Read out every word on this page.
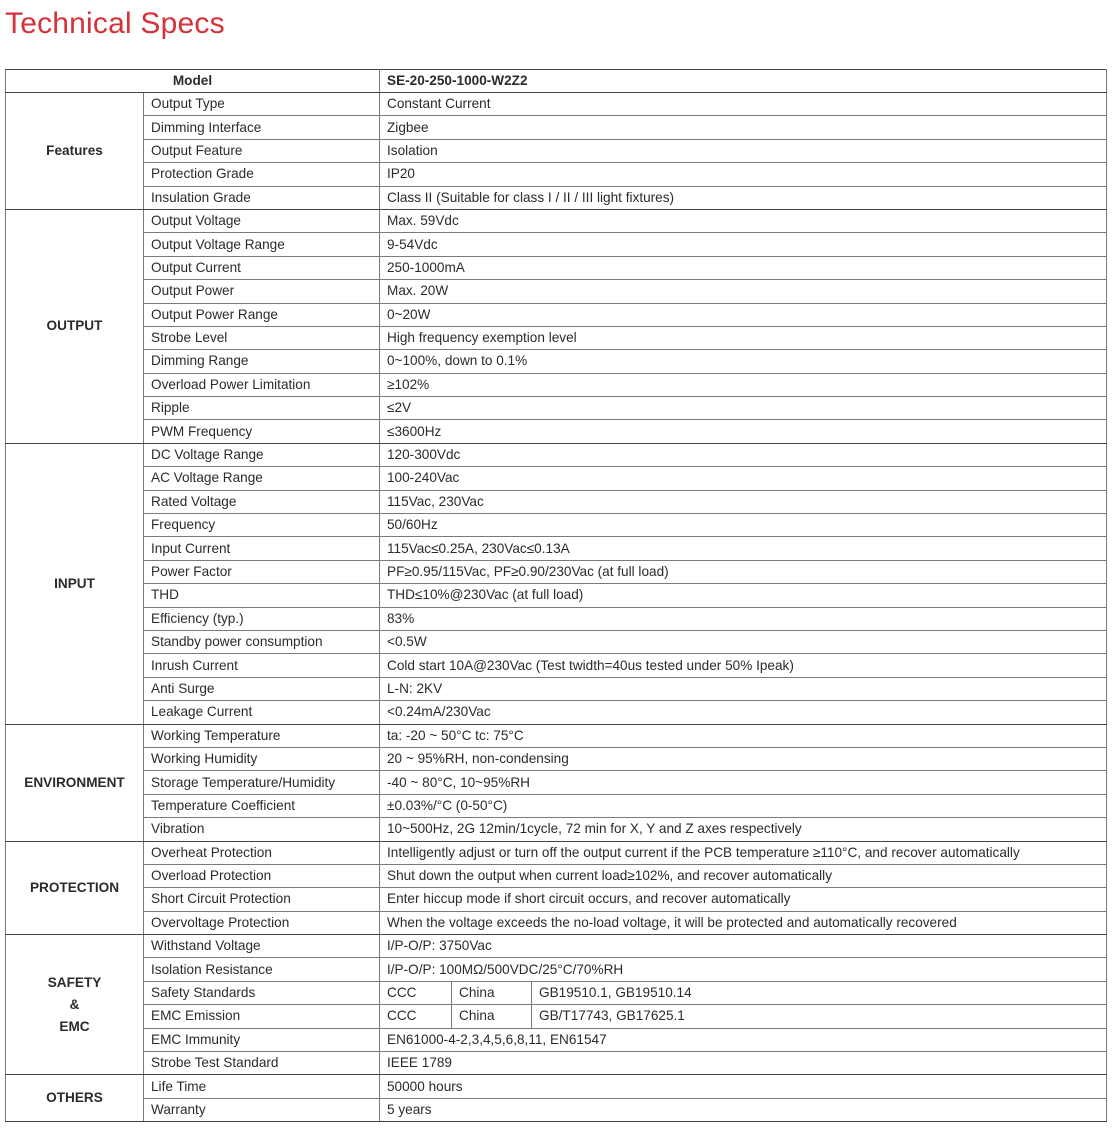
Technical Specs
Model		SE-20-250-1000-W2Z2		

Features	Output Type	Constant Current		
	Dimming Interface	Zigbee		
	Output Feature	Isolation		
	Protection Grade	IP20		
	Insulation Grade	Class II (Suitable for class I / II / III light fixtures)		

OUTPUT	Output Voltage	Max. 59Vdc		
	Output Voltage Range	9-54Vdc		
	Output Current	250-1000mA		
	Output Power	Max. 20W		
	Output Power Range	0~20W		
	Strobe Level	High frequency exemption level		
	Dimming Range	0~100%, down to 0.1%		
	Overload Power Limitation	≥102%		
	Ripple	≤2V		
	PWM Frequency	≤3600Hz		

INPUT	DC Voltage Range	120-300Vdc		
	AC Voltage Range	100-240Vac		
	Rated Voltage	115Vac, 230Vac		
	Frequency	50/60Hz		
	Input Current	115Vac≤0.25A, 230Vac≤0.13A		
	Power Factor	PF≥0.95/115Vac, PF≥0.90/230Vac (at full load)		
	THD	THD≤10%@230Vac (at full load)		
	Efficiency (typ.)	83%		
	Standby power consumption	<0.5W		
	Inrush Current	Cold start 10A@230Vac (Test twidth=40us tested under 50% Ipeak)		
	Anti Surge	L-N: 2KV		
	Leakage Current	<0.24mA/230Vac		

ENVIRONMENT	Working Temperature	ta: -20 ~ 50°C tc: 75°C		
	Working Humidity	20 ~ 95%RH, non-condensing		
	Storage Temperature/Humidity	-40 ~ 80°C, 10~95%RH		
	Temperature Coefficient	±0.03%/°C (0-50°C)		
	Vibration	10~500Hz, 2G 12min/1cycle, 72 min for X, Y and Z axes respectively		

PROTECTION	Overheat Protection	Intelligently adjust or turn off the output current if the PCB temperature ≥110°C, and recover automatically		
	Overload Protection	Shut down the output when current load≥102%, and recover automatically		
	Short Circuit Protection	Enter hiccup mode if short circuit occurs, and recover automatically		
	Overvoltage Protection	When the voltage exceeds the no-load voltage, it will be protected and automatically recovered		

SAFETY
&
EMC	Withstand Voltage	I/P-O/P: 3750Vac		
	Isolation Resistance	I/P-O/P: 100MΩ/500VDC/25°C/70%RH		
	Safety Standards	CCC	China	GB19510.1, GB19510.14
	EMC Emission	CCC	China	GB/T17743, GB17625.1
	EMC Immunity	EN61000-4-2,3,4,5,6,8,11, EN61547		
	Strobe Test Standard	IEEE 1789		

OTHERS	Life Time	50000 hours		
	Warranty	5 years		
